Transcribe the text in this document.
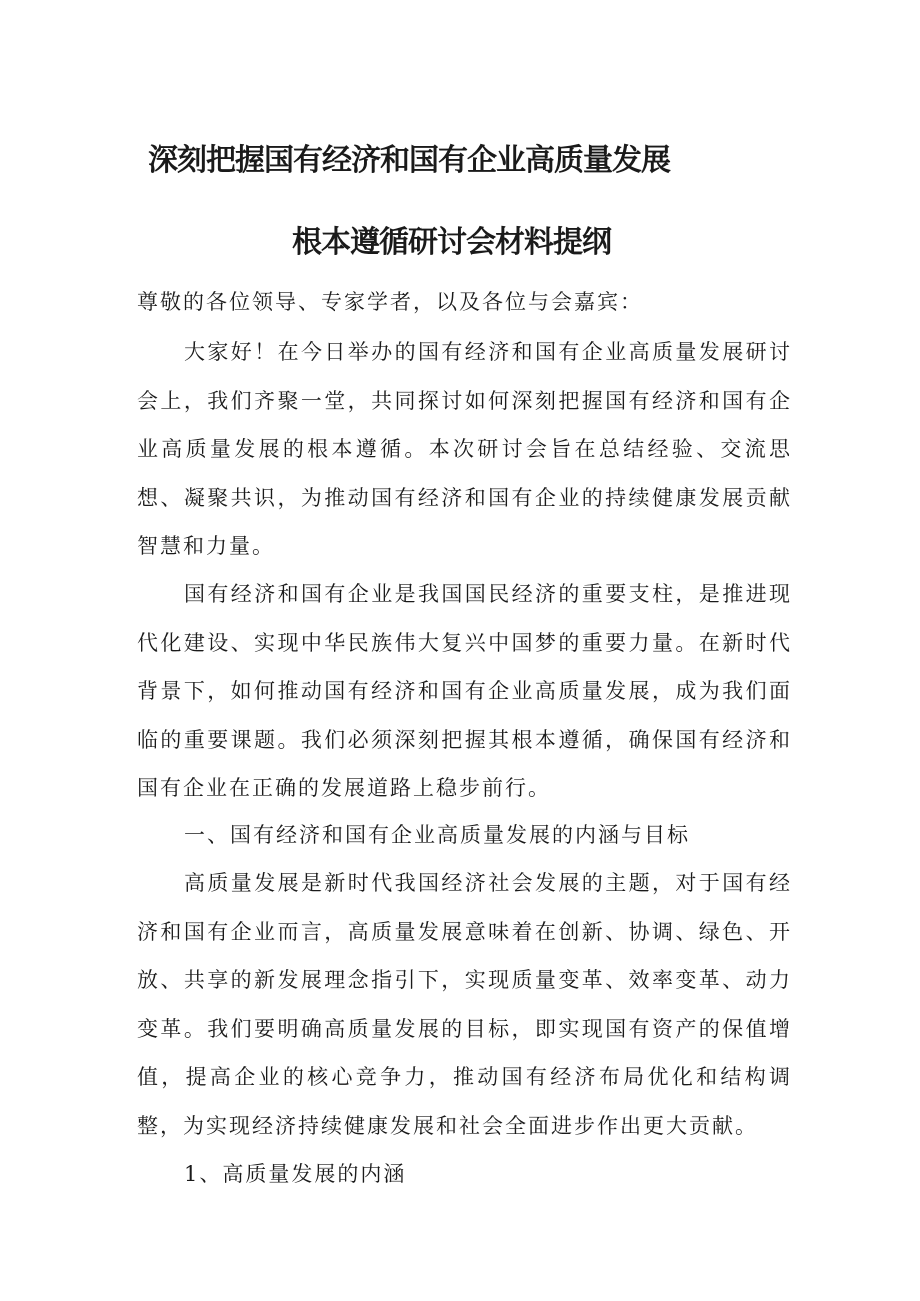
深刻把握国有经济和国有企业高质量发展
根本遵循研讨会材料提纲

尊敬的各位领导、专家学者，以及各位与会嘉宾：

大家好！在今日举办的国有经济和国有企业高质量发展研讨会上，我们齐聚一堂，共同探讨如何深刻把握国有经济和国有企业高质量发展的根本遵循。本次研讨会旨在总结经验、交流思想、凝聚共识，为推动国有经济和国有企业的持续健康发展贡献智慧和力量。

国有经济和国有企业是我国国民经济的重要支柱，是推进现代化建设、实现中华民族伟大复兴中国梦的重要力量。在新时代背景下，如何推动国有经济和国有企业高质量发展，成为我们面临的重要课题。我们必须深刻把握其根本遵循，确保国有经济和国有企业在正确的发展道路上稳步前行。

一、国有经济和国有企业高质量发展的内涵与目标

高质量发展是新时代我国经济社会发展的主题，对于国有经济和国有企业而言，高质量发展意味着在创新、协调、绿色、开放、共享的新发展理念指引下，实现质量变革、效率变革、动力变革。我们要明确高质量发展的目标，即实现国有资产的保值增值，提高企业的核心竞争力，推动国有经济布局优化和结构调整，为实现经济持续健康发展和社会全面进步作出更大贡献。

1、高质量发展的内涵
